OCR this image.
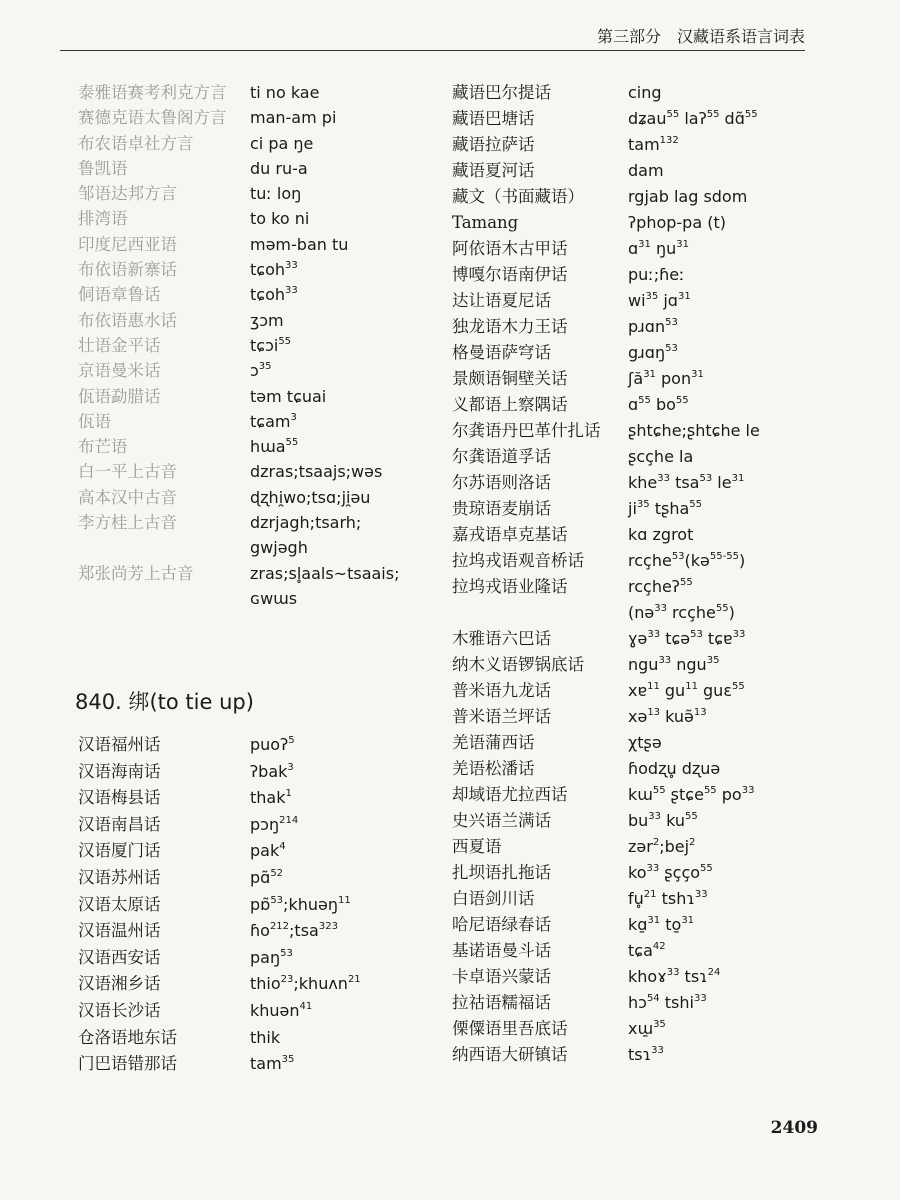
第三部分　汉藏语系语言词表
泰雅语赛考利克方言	ti no kae
赛德克语太鲁阁方言	man-am pi
布农语卓社方言	ci pa ŋe
鲁凯语	du ru-a
邹语达邦方言	tuː loŋ
排湾语	to ko ni
印度尼西亚语	məm-ban tu
布依语新寨话	tɕoh$^{33}$
侗语章鲁话	tɕoh$^{33}$
布依语惠水话	ʒɔm
壮语金平话	tɕɔi$^{55}$
京语曼米话	ɔ$^{35}$
佤语勐腊话	təm tɕuai
佤语	tɕam$^3$
布芒语	hɯa$^{55}$
白一平上古音	dzras;tsaajs;wəs
高本汉中古音	ɖʐhi̯wo;tsɑ;ji̯ǝu
李方桂上古音	dzrjagh;tsarh;
gwjəgh
郑张尚芳上古音	zras;sl̥aals~tsaais;
ɢwɯs
840. 绑(to tie up)
汉语福州话	puoʔ$^5$
汉语海南话	ʔbak$^3$
汉语梅县话	thak$^1$
汉语南昌话	pɔŋ$^{214}$
汉语厦门话	pak$^4$
汉语苏州话	pɑ̃$^{52}$
汉语太原话	pɒ̃$^{53}$;khuəŋ$^{11}$
汉语温州话	ɦo$^{212}$;tsa$^{323}$
汉语西安话	paŋ$^{53}$
汉语湘乡话	thio$^{23}$;khuʌn$^{21}$
汉语长沙话	khuən$^{41}$
仓洛语地东话	thik
门巴语错那话	tam$^{35}$
藏语巴尔提话	cing
藏语巴塘话	dʑau$^{55}$ laʔ$^{55}$ dɑ̃$^{55}$
藏语拉萨话	tam$^{132}$
藏语夏河话	dam
藏文（书面藏语）	rgjab lag sdom
Tamang	ʔphop-pa (t)
阿依语木古甲话	ɑ$^{31}$ $ŋu^{31}$
博嘎尔语南伊话	puː;ɦeː
达让语夏尼话	$wi^{35}$ jɑ$^{31}$
独龙语木力王话	pɹɑn$^{53}$
格曼语萨穹话	gɹɑŋ$^{53}$
景颇语铜壁关话	ʃă$^{31}$ pon$^{31}$
义都语上察隅话	ɑ$^{55}$ $bo^{55}$
尔龚语丹巴革什扎话	ʂhtɕhe;ʂhtɕhe le
尔龚语道孚话	ʂcçhe la
尔苏语则洛话	khe$^{33}$ tsa$^{53}$ $le^{31}$
贵琼语麦崩话	$ji^{35}$ tʂha$^{55}$
嘉戎语卓克基话	kɑ zgrot
拉坞戎语观音桥话	rcçhe$^{53}$(kə$^{55-55}$)
拉坞戎语业隆话	rcçheʔ$^{55}$
(nə$^{33}$ rcçhe$^{55}$)
木雅语六巴话	ɣə$^{33}$ tɕə$^{53}$ tɕɐ$^{33}$
纳木义语锣锅底话	ngu$^{33}$ ngu$^{35}$
普米语九龙话	xɐ$^{11}$ $gu^{11}$ guɛ$^{55}$
普米语兰坪话	xə$^{13}$ kuə̃$^{13}$
羌语蒲西话	χtʂə
羌语松潘话	ɦodʐu̥ dʐuə
却域语尤拉西话	kɯ$^{55}$ ʂtɕe$^{55}$ $po^{33}$
史兴语兰满话	$bu^{33}$ $ku^{55}$
西夏语	zər$^2$;bej$^2$
扎坝语扎拖话	$ko^{33}$ ʂçço$^{55}$
白语剑川话	fu̥$^{21}$ tshɿ$^{33}$
哈尼语绿春话	kɑ̱$^{31}$ to̱$^{31}$
基诺语曼斗话	tɕa$^{42}$
卡卓语兴蒙话	khoɤ$^{33}$ tsɿ$^{24}$
拉祜语糯福话	hɔ$^{54}$ tshi$^{33}$
傈僳语里吾底话	xɯ̱$^{35}$
纳西语大研镇话	tsɿ$^{33}$
2409
